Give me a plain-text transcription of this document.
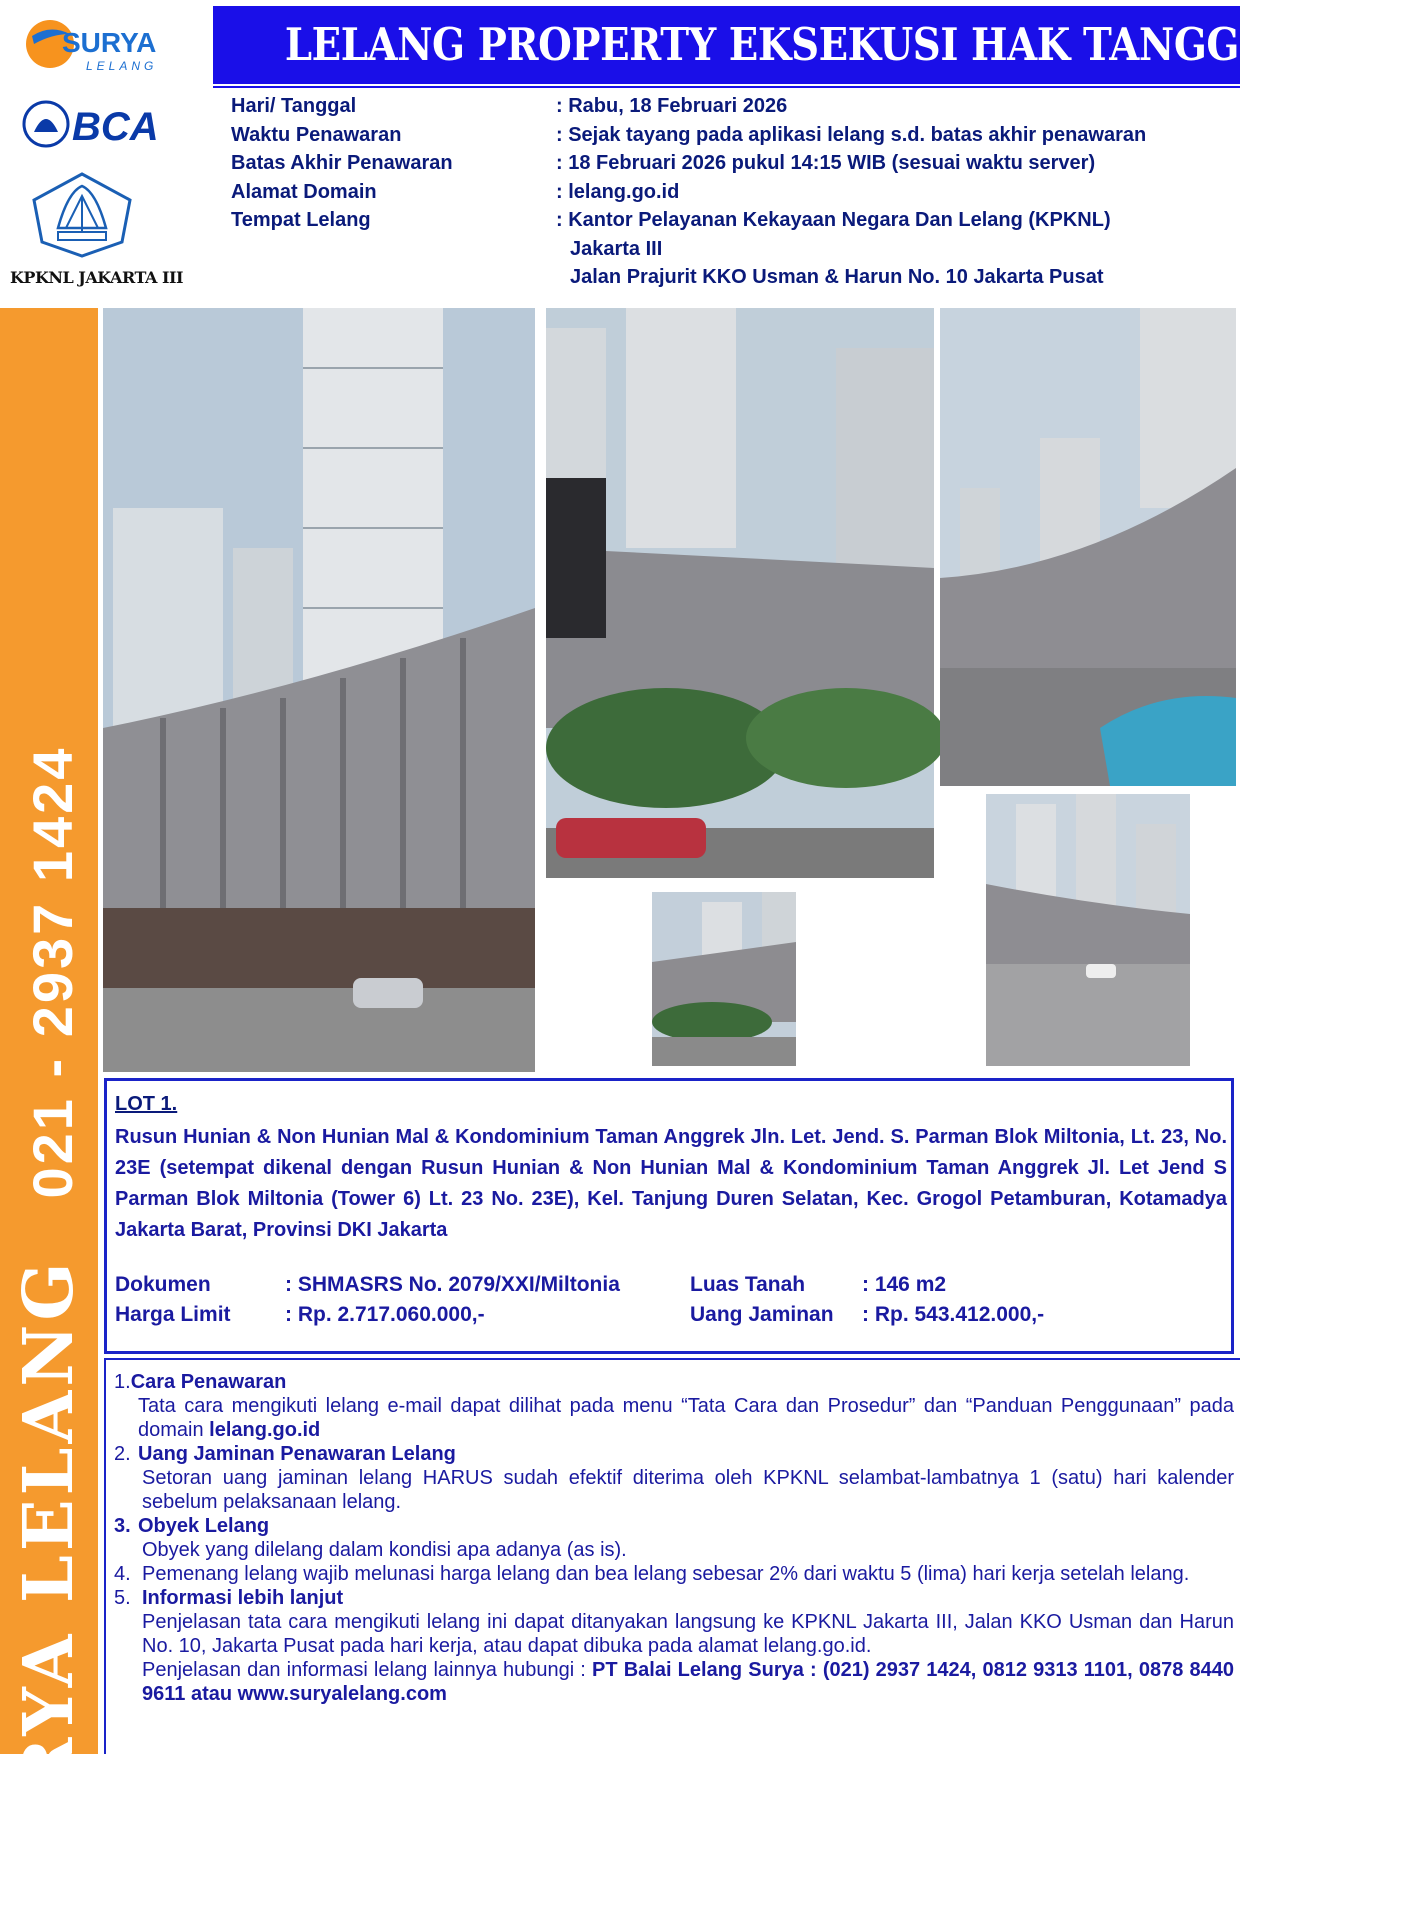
SURYA
LELANG
BCA
KPKNL JAKARTA III
LELANG PROPERTY EKSEKUSI HAK TANGGUNGAN
Hari/ Tanggal	: Rabu, 18 Februari 2026
Waktu Penawaran	: Sejak tayang pada aplikasi lelang s.d. batas akhir penawaran
Batas Akhir Penawaran	: 18 Februari 2026 pukul 14:15 WIB (sesuai waktu server)
Alamat Domain	: lelang.go.id
Tempat Lelang	: Kantor Pelayanan Kekayaan Negara Dan Lelang (KPKNL)
Jakarta III
Jalan Prajurit KKO Usman & Harun No. 10 Jakarta Pusat
SURYA LELANG021 - 2937 1424 LOT 1.
Rusun Hunian & Non Hunian Mal & Kondominium Taman Anggrek Jln. Let. Jend. S. Parman Blok Miltonia, Lt. 23, No. 23E (setempat dikenal dengan Rusun Hunian & Non Hunian Mal & Kondominium Taman Anggrek Jl. Let Jend S Parman Blok Miltonia (Tower 6) Lt. 23 No. 23E), Kel. Tanjung Duren Selatan, Kec. Grogol Petamburan, Kotamadya Jakarta Barat, Provinsi DKI Jakarta
Dokumen	: SHMASRS No. 2079/XXI/Miltonia	Luas Tanah	: 146 m2
Harga Limit	: Rp. 2.717.060.000,-	Uang Jaminan : Rp. 543.412.000,-
1.Cara Penawaran
Tata cara mengikuti lelang e-mail dapat dilihat pada menu “Tata Cara dan Prosedur” dan “Panduan Penggunaan” pada domain lelang.go.id
2. Uang Jaminan Penawaran Lelang
Setoran uang jaminan lelang HARUS sudah efektif diterima oleh KPKNL selambat-lambatnya 1 (satu) hari kalender sebelum pelaksanaan lelang.
3. Obyek Lelang
Obyek yang dilelang dalam kondisi apa adanya (as is).
4. Pemenang lelang wajib melunasi harga lelang dan bea lelang sebesar 2% dari waktu 5 (lima) hari kerja setelah lelang.
5. Informasi lebih lanjut
Penjelasan tata cara mengikuti lelang ini dapat ditanyakan langsung ke KPKNL Jakarta III, Jalan KKO Usman dan Harun No. 10, Jakarta Pusat pada hari kerja, atau dapat dibuka pada alamat lelang.go.id.
Penjelasan dan informasi lelang lainnya hubungi : PT Balai Lelang Surya : (021) 2937 1424, 0812 9313 1101, 0878 8440 9611 atau www.suryalelang.com
